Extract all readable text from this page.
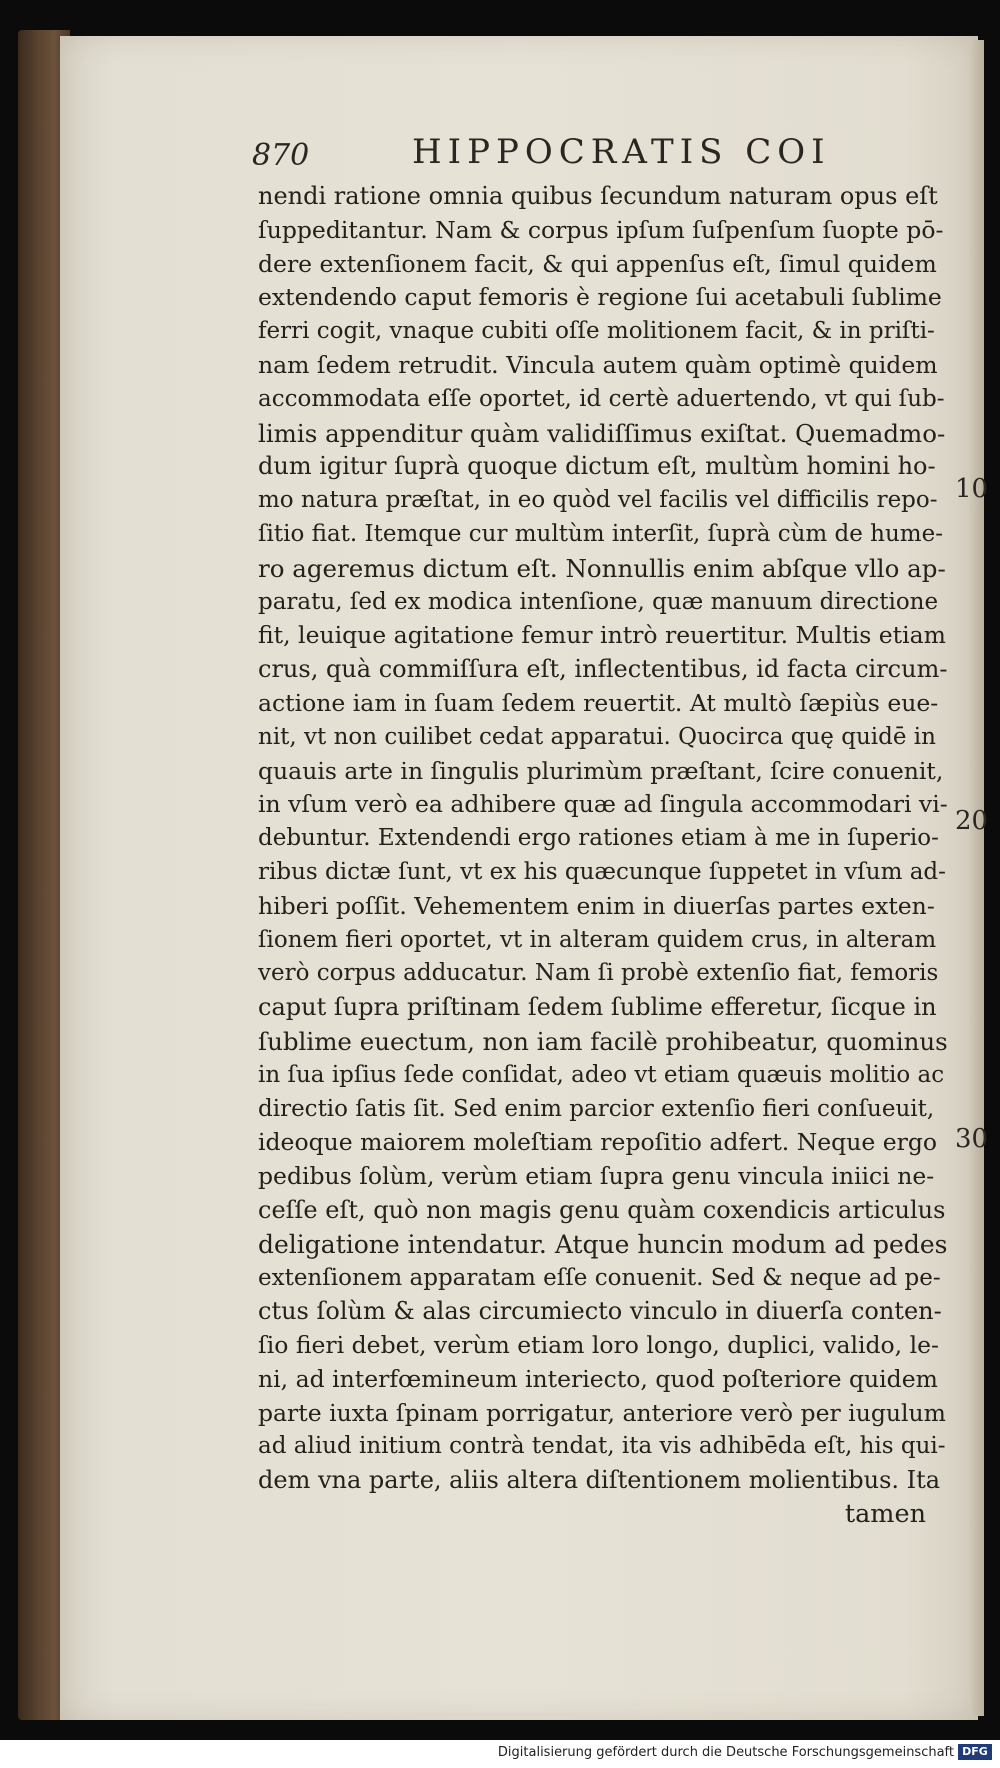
870	HIPPOCRATIS COI
nendi ratione omnia quibus ſecundum naturam opus eſt
ſuppeditantur. Nam & corpus ipſum ſuſpenſum ſuopte pō-
dere extenſionem facit, & qui appenſus eſt, ſimul quidem
extendendo caput femoris è regione ſui acetabuli ſublime
ferri cogit, vnaque cubiti oſſe molitionem facit, & in priſti-
nam ſedem retrudit. Vincula autem quàm optimè quidem
accommodata eſſe oportet, id certè aduertendo, vt qui ſub-
limis appenditur quàm validiſſimus exiſtat. Quemadmo-
dum igitur ſuprà quoque dictum eſt, multùm homini ho-
mo natura præſtat, in eo quòd vel facilis vel difficilis repo-
ſitio fiat. Itemque cur multùm interſit, ſuprà cùm de hume-
ro ageremus dictum eſt. Nonnullis enim abſque vllo ap-
paratu, ſed ex modica intenſione, quæ manuum directione
fit, leuique agitatione femur intrò reuertitur. Multis etiam
crus, quà commiſſura eſt, inflectentibus, id facta circum-
actione iam in ſuam ſedem reuertit. At multò ſæpiùs eue-
nit, vt non cuilibet cedat apparatui. Quocirca quę quidē in
quauis arte in ſingulis plurimùm præſtant, ſcire conuenit,
in vſum verò ea adhibere quæ ad ſingula accommodari vi-
debuntur. Extendendi ergo rationes etiam à me in ſuperio-
ribus dictæ ſunt, vt ex his quæcunque ſuppetet in vſum ad-
hiberi poſſit. Vehementem enim in diuerſas partes exten-
ſionem fieri oportet, vt in alteram quidem crus, in alteram
verò corpus adducatur. Nam ſi probè extenſio fiat, femoris
caput ſupra priſtinam ſedem ſublime efferetur, ſicque in
ſublime euectum, non iam facilè prohibeatur, quominus
in ſua ipſius ſede conſidat, adeo vt etiam quæuis molitio ac
directio ſatis ſit. Sed enim parcior extenſio fieri conſueuit,
ideoque maiorem moleſtiam repoſitio adfert. Neque ergo
pedibus ſolùm, verùm etiam ſupra genu vincula iniici ne-
ceſſe eſt, quò non magis genu quàm coxendicis articulus
deligatione intendatur. Atque huncin modum ad pedes
extenſionem apparatam eſſe conuenit. Sed & neque ad pe-
ctus ſolùm & alas circumiecto vinculo in diuerſa conten-
ſio fieri debet, verùm etiam loro longo, duplici, valido, le-
ni, ad interfœmineum interiecto, quod poſteriore quidem
parte iuxta ſpinam porrigatur, anteriore verò per iugulum
ad aliud initium contrà tendat, ita vis adhibēda eſt, his qui-
dem vna parte, aliis altera diſtentionem molientibus. Ita
tamen
10
20
30
Digitalisierung gefördert durch die Deutsche Forschungsgemeinschaft DFG
